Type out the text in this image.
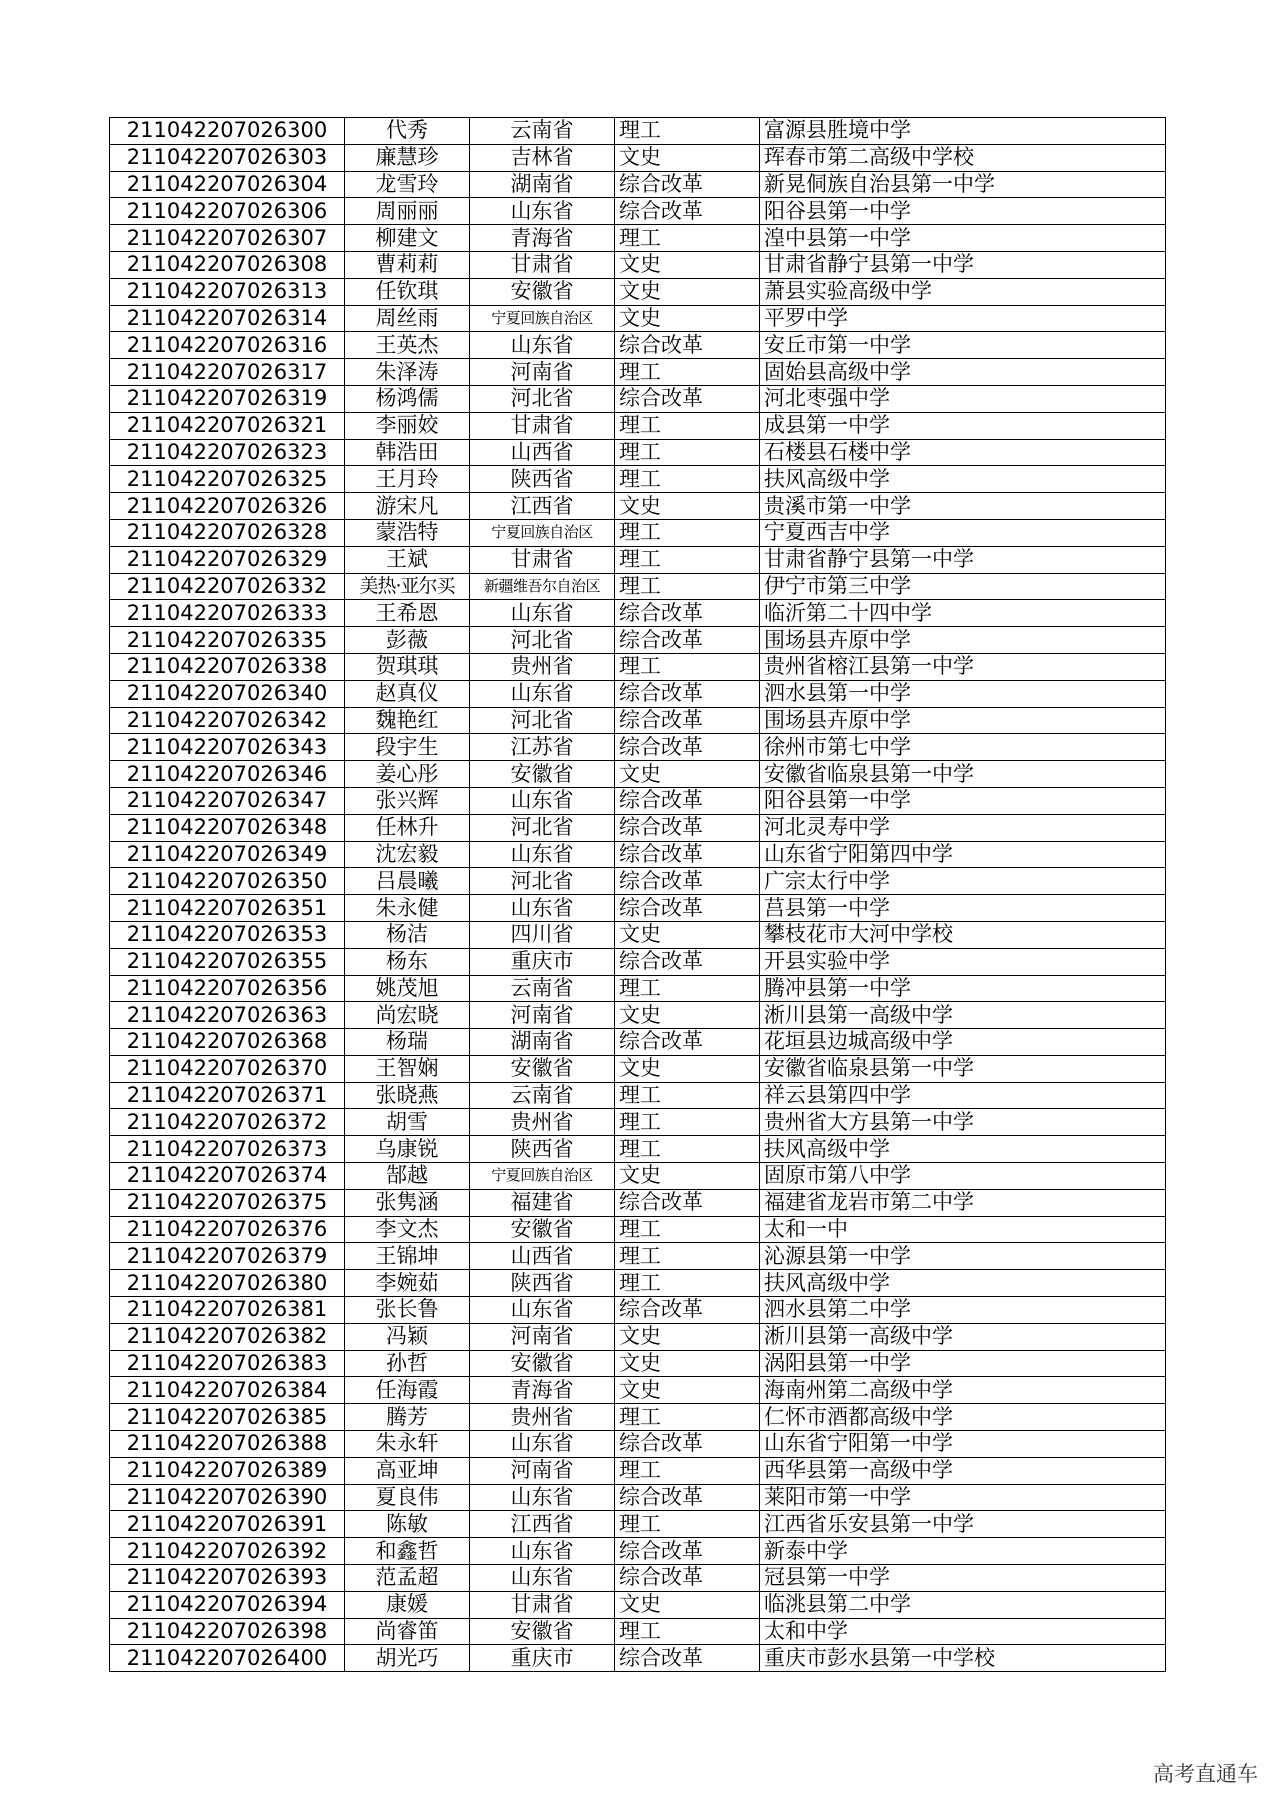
211042207026300	代秀	云南省	理工	富源县胜境中学
211042207026303	廉慧珍	吉林省	文史	珲春市第二高级中学校
211042207026304	龙雪玲	湖南省	综合改革	新晃侗族自治县第一中学
211042207026306	周丽丽	山东省	综合改革	阳谷县第一中学
211042207026307	柳建文	青海省	理工	湟中县第一中学
211042207026308	曹莉莉	甘肃省	文史	甘肃省静宁县第一中学
211042207026313	任钦琪	安徽省	文史	萧县实验高级中学
211042207026314	周丝雨	宁夏回族自治区	文史	平罗中学
211042207026316	王英杰	山东省	综合改革	安丘市第一中学
211042207026317	朱泽涛	河南省	理工	固始县高级中学
211042207026319	杨鸿儒	河北省	综合改革	河北枣强中学
211042207026321	李丽姣	甘肃省	理工	成县第一中学
211042207026323	韩浩田	山西省	理工	石楼县石楼中学
211042207026325	王月玲	陕西省	理工	扶风高级中学
211042207026326	游宋凡	江西省	文史	贵溪市第一中学
211042207026328	蒙浩特	宁夏回族自治区	理工	宁夏西吉中学
211042207026329	王斌	甘肃省	理工	甘肃省静宁县第一中学
211042207026332	美热·亚尔买	新疆维吾尔自治区	理工	伊宁市第三中学
211042207026333	王希恩	山东省	综合改革	临沂第二十四中学
211042207026335	彭薇	河北省	综合改革	围场县卉原中学
211042207026338	贺琪琪	贵州省	理工	贵州省榕江县第一中学
211042207026340	赵真仪	山东省	综合改革	泗水县第一中学
211042207026342	魏艳红	河北省	综合改革	围场县卉原中学
211042207026343	段宇生	江苏省	综合改革	徐州市第七中学
211042207026346	姜心彤	安徽省	文史	安徽省临泉县第一中学
211042207026347	张兴辉	山东省	综合改革	阳谷县第一中学
211042207026348	任林升	河北省	综合改革	河北灵寿中学
211042207026349	沈宏毅	山东省	综合改革	山东省宁阳第四中学
211042207026350	吕晨曦	河北省	综合改革	广宗太行中学
211042207026351	朱永健	山东省	综合改革	莒县第一中学
211042207026353	杨洁	四川省	文史	攀枝花市大河中学校
211042207026355	杨东	重庆市	综合改革	开县实验中学
211042207026356	姚茂旭	云南省	理工	腾冲县第一中学
211042207026363	尚宏晓	河南省	文史	淅川县第一高级中学
211042207026368	杨瑞	湖南省	综合改革	花垣县边城高级中学
211042207026370	王智娴	安徽省	文史	安徽省临泉县第一中学
211042207026371	张晓燕	云南省	理工	祥云县第四中学
211042207026372	胡雪	贵州省	理工	贵州省大方县第一中学
211042207026373	乌康锐	陕西省	理工	扶风高级中学
211042207026374	郜越	宁夏回族自治区	文史	固原市第八中学
211042207026375	张隽涵	福建省	综合改革	福建省龙岩市第二中学
211042207026376	李文杰	安徽省	理工	太和一中
211042207026379	王锦坤	山西省	理工	沁源县第一中学
211042207026380	李婉茹	陕西省	理工	扶风高级中学
211042207026381	张长鲁	山东省	综合改革	泗水县第二中学
211042207026382	冯颖	河南省	文史	淅川县第一高级中学
211042207026383	孙哲	安徽省	文史	涡阳县第一中学
211042207026384	任海霞	青海省	文史	海南州第二高级中学
211042207026385	腾芳	贵州省	理工	仁怀市酒都高级中学
211042207026388	朱永轩	山东省	综合改革	山东省宁阳第一中学
211042207026389	高亚坤	河南省	理工	西华县第一高级中学
211042207026390	夏良伟	山东省	综合改革	莱阳市第一中学
211042207026391	陈敏	江西省	理工	江西省乐安县第一中学
211042207026392	和鑫哲	山东省	综合改革	新泰中学
211042207026393	范孟超	山东省	综合改革	冠县第一中学
211042207026394	康媛	甘肃省	文史	临洮县第二中学
211042207026398	尚睿笛	安徽省	理工	太和中学
211042207026400	胡光巧	重庆市	综合改革	重庆市彭水县第一中学校
高考直通车
